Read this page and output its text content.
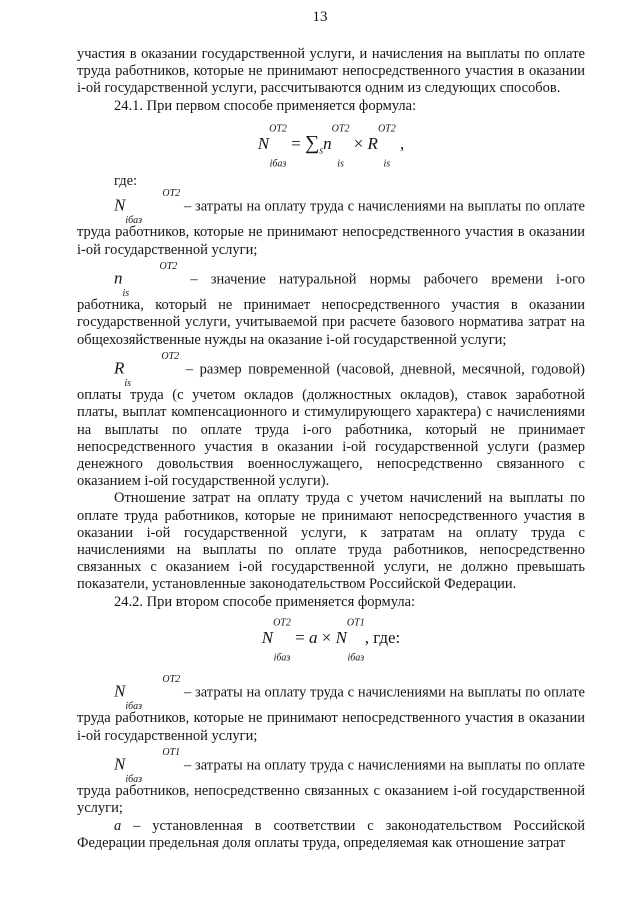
13

участия в оказании государственной услуги, и начисления на выплаты по оплате труда работников, которые не принимают непосредственного участия в оказании i-ой государственной услуги, рассчитываются одним из следующих способов.

24.1. При первом способе применяется формула:

$N^{ОТ2}$
$_{iбаз} = \sum_sn^{ОТ2}$
$_{is} \times R^{ОТ2}$
$_{is}$ ,

где:

$N^{ОТ2}$
$_{iбаз}$ – затраты на оплату труда с начислениями на выплаты по оплате труда работников, которые не принимают непосредственного участия в оказании i-ой государственной услуги;

$n^{ОТ2}$
$_{is}$ – значение натуральной нормы рабочего времени i-ого работника, который не принимает непосредственного участия в оказании государственной услуги, учитываемой при расчете базового норматива затрат на общехозяйственные нужды на оказание i-ой государственной услуги;

$R^{ОТ2}$
$_{is}$ – размер повременной (часовой, дневной, месячной, годовой) оплаты труда (с учетом окладов (должностных окладов), ставок заработной платы, выплат компенсационного и стимулирующего характера) с начислениями на выплаты по оплате труда i-ого работника, который не принимает непосредственного участия в оказании i-ой государственной услуги (размер денежного довольствия военнослужащего, непосредственно связанного с оказанием i-ой государственной услуги).

Отношение затрат на оплату труда с учетом начислений на выплаты по оплате труда работников, которые не принимают непосредственного участия в оказании i-ой государственной услуги, к затратам на оплату труда с начислениями на выплаты по оплате труда работников, непосредственно связанных с оказанием i-ой государственной услуги, не должно превышать показатели, установленные законодательством Российской Федерации.

24.2. При втором способе применяется формула:

$N^{ОТ2}$
$_{iбаз} = a \times N^{ОТ1}$
$_{iбаз}$, где:

$N^{ОТ2}$
$_{iбаз}$ – затраты на оплату труда с начислениями на выплаты по оплате труда работников, которые не принимают непосредственного участия в оказании i-ой государственной услуги;

$N^{ОТ1}$
$_{iбаз}$ – затраты на оплату труда с начислениями на выплаты по оплате труда работников, непосредственно связанных с оказанием i-ой государственной услуги;

a – установленная в соответствии с законодательством Российской Федерации предельная доля оплаты труда, определяемая как отношение затрат
